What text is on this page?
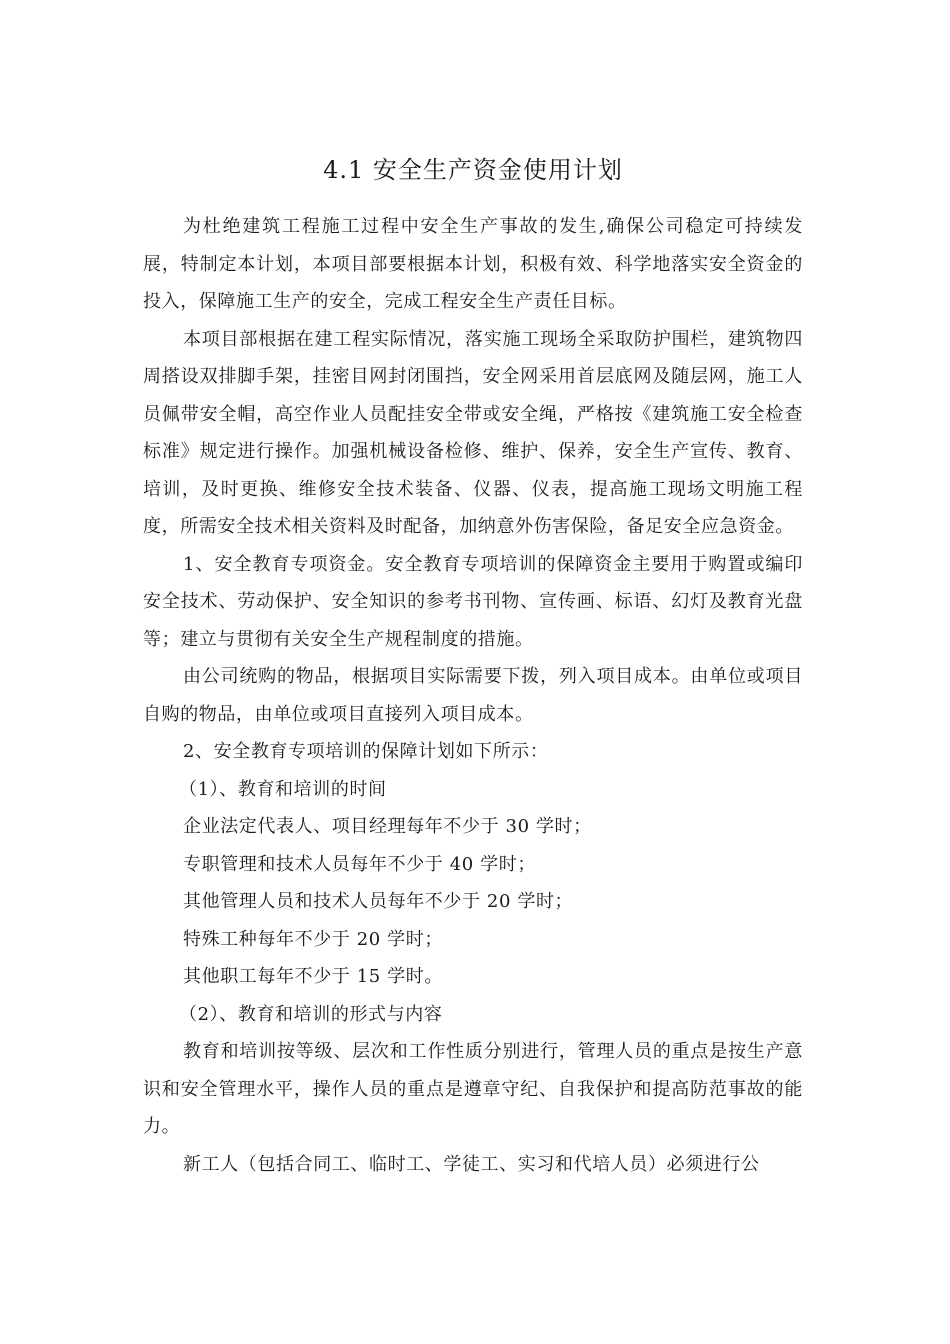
4.1 安全生产资金使用计划

为杜绝建筑工程施工过程中安全生产事故的发生,确保公司稳定可持续发展，特制定本计划，本项目部要根据本计划，积极有效、科学地落实安全资金的投入，保障施工生产的安全，完成工程安全生产责任目标。

本项目部根据在建工程实际情况，落实施工现场全采取防护围栏，建筑物四周搭设双排脚手架，挂密目网封闭围挡，安全网采用首层底网及随层网，施工人员佩带安全帽，高空作业人员配挂安全带或安全绳，严格按《建筑施工安全检查标准》规定进行操作。加强机械设备检修、维护、保养，安全生产宣传、教育、培训，及时更换、维修安全技术装备、仪器、仪表，提高施工现场文明施工程度，所需安全技术相关资料及时配备，加纳意外伤害保险，备足安全应急资金。

1、安全教育专项资金。安全教育专项培训的保障资金主要用于购置或编印安全技术、劳动保护、安全知识的参考书刊物、宣传画、标语、幻灯及教育光盘等；建立与贯彻有关安全生产规程制度的措施。

由公司统购的物品，根据项目实际需要下拨，列入项目成本。由单位或项目自购的物品，由单位或项目直接列入项目成本。

2、安全教育专项培训的保障计划如下所示：

（1）、教育和培训的时间

企业法定代表人、项目经理每年不少于 30 学时；

专职管理和技术人员每年不少于 40 学时；

其他管理人员和技术人员每年不少于 20 学时；

特殊工种每年不少于 20 学时；

其他职工每年不少于 15 学时。

（2）、教育和培训的形式与内容

教育和培训按等级、层次和工作性质分别进行，管理人员的重点是按生产意识和安全管理水平，操作人员的重点是遵章守纪、自我保护和提高防范事故的能力。

新工人（包括合同工、临时工、学徒工、实习和代培人员）必须进行公
